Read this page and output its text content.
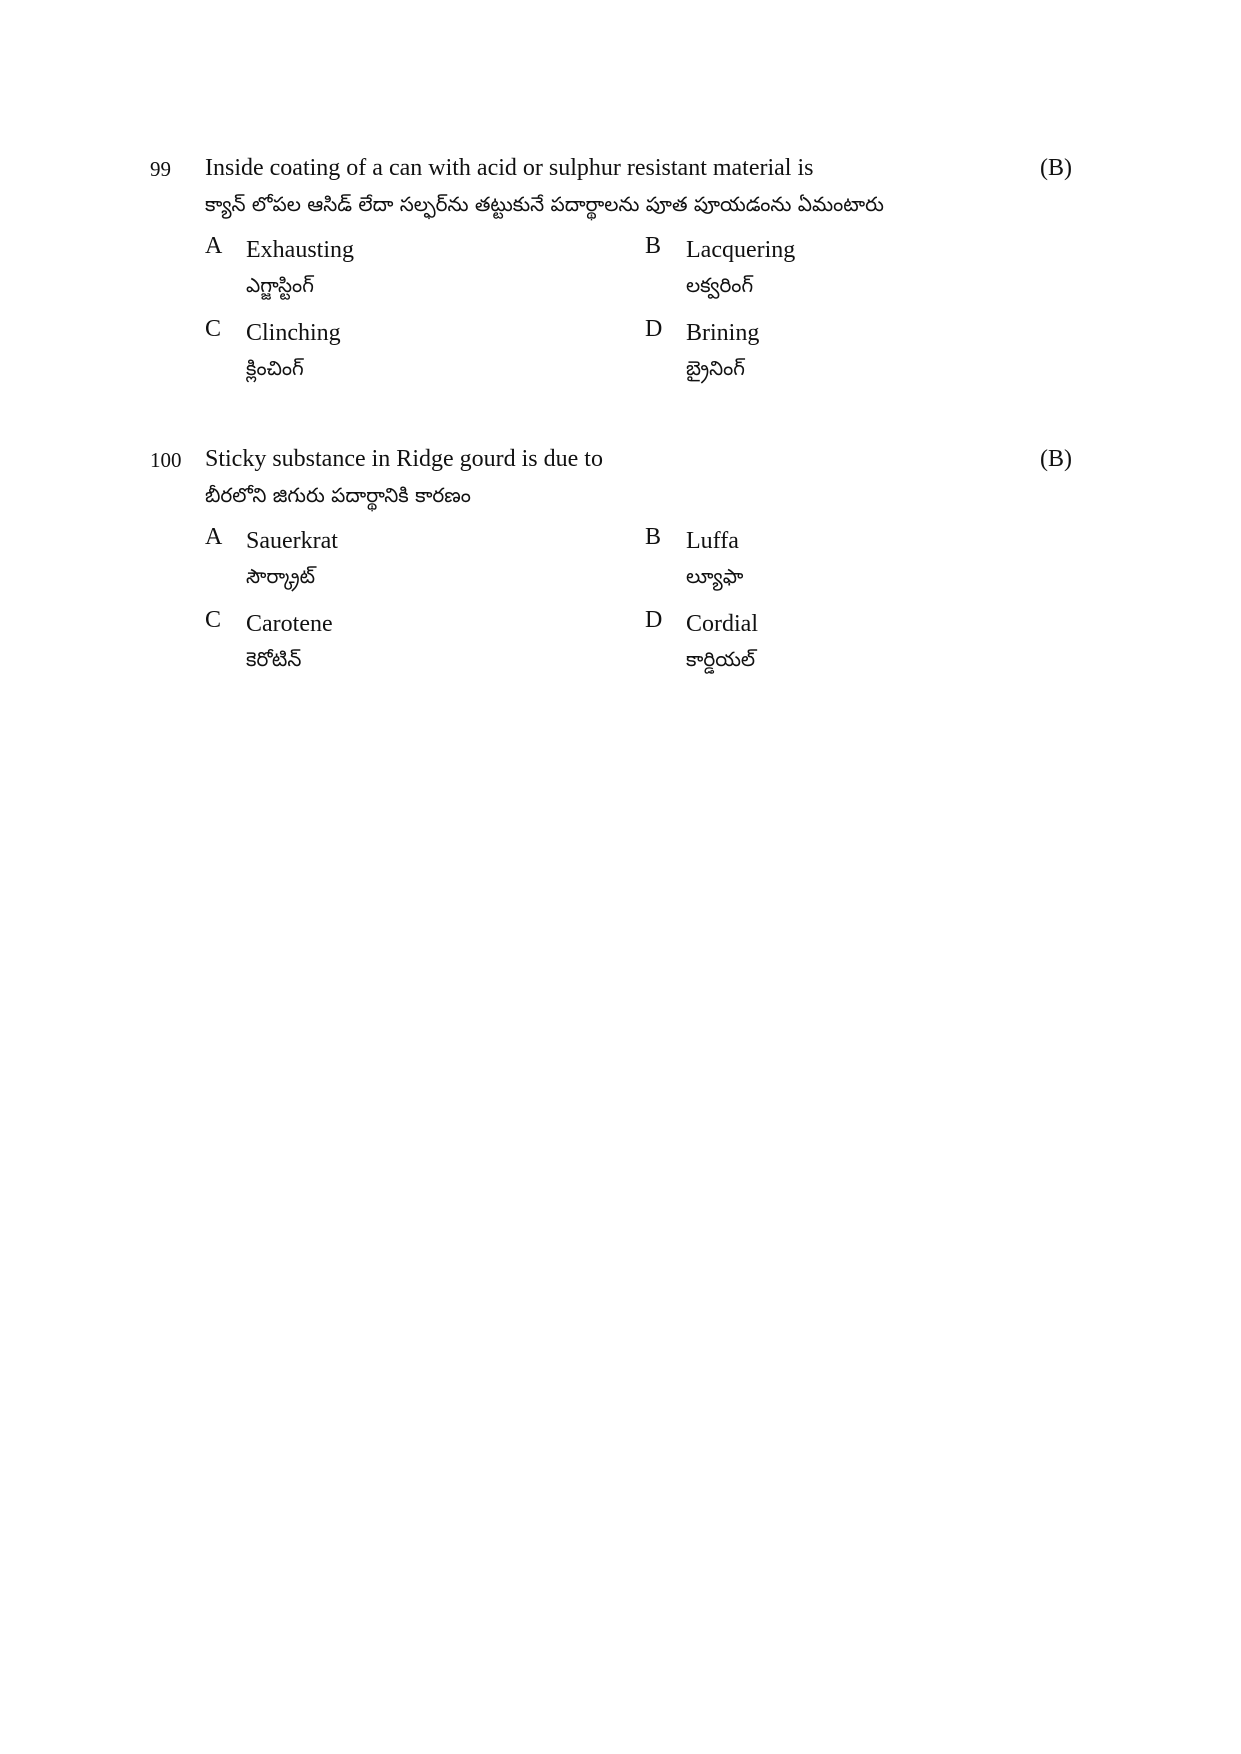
99 Inside coating of a can with acid or sulphur resistant material is
క్యాన్ లోపల ఆసిడ్ లేదా సల్ఫర్‌ను తట్టుకునే పదార్థాలను పూత పూయడంను ఏమంటారు
(B)
A Exhausting
ఎగ్జాస్టింగ్
B Lacquering
లక్వరింగ్
C Clinching
క్లించింగ్
D Brining
బ్రైనింగ్
100 Sticky substance in Ridge gourd is due to
బీరలోని జిగురు పదార్థానికి కారణం
(B)
A Sauerkrat
సౌర్క్రాట్
B Luffa
ల్యూఫా
C Carotene
కెరోటిన్
D Cordial
కార్డియల్
